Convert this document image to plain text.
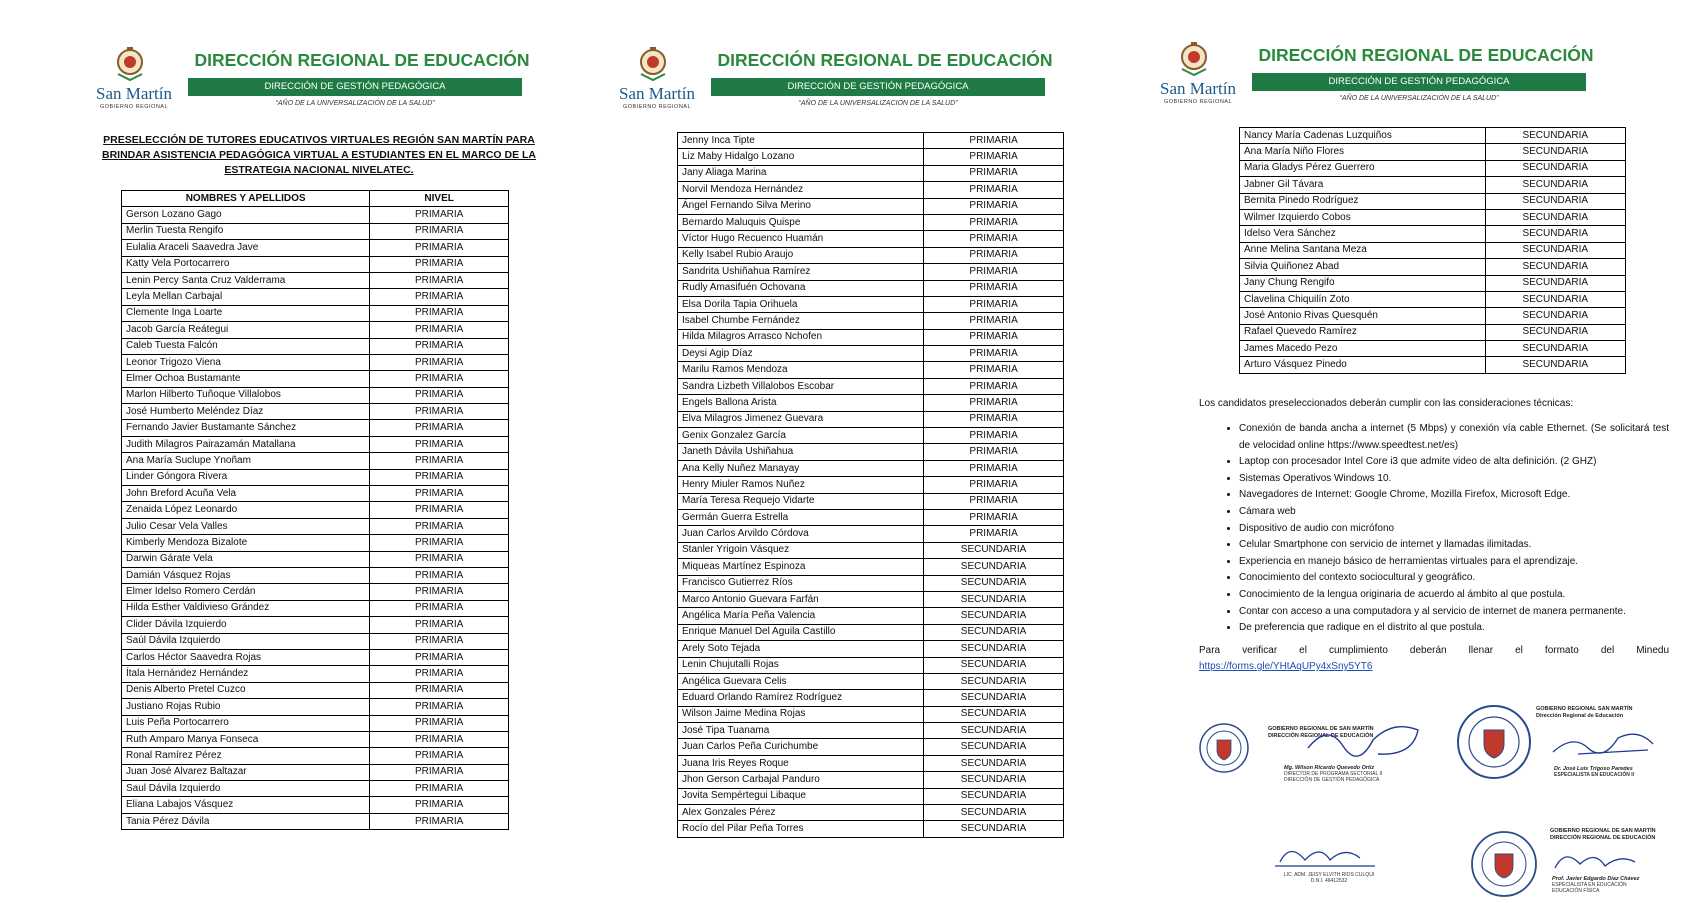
San Martín
GOBIERNO REGIONAL
DIRECCIÓN REGIONAL DE EDUCACIÓN
DIRECCIÓN DE GESTIÓN PEDAGÓGICA
“AÑO DE LA UNIVERSALIZACIÓN DE LA SALUD”
PRESELECCIÓN DE TUTORES EDUCATIVOS VIRTUALES REGIÓN SAN MARTÍN PARA BRINDAR ASISTENCIA PEDAGÓGICA VIRTUAL A ESTUDIANTES EN EL MARCO DE LA ESTRATEGIA NACIONAL NIVELATEC.
NOMBRES Y APELLIDOS	NIVEL
Gerson Lozano Gago	PRIMARIA
Merlin Tuesta Rengifo	PRIMARIA
Eulalia Araceli Saavedra Jave	PRIMARIA
Katty Vela Portocarrero	PRIMARIA
Lenin Percy Santa Cruz Valderrama	PRIMARIA
Leyla Mellan Carbajal	PRIMARIA
Clemente Inga Loarte	PRIMARIA
Jacob García Reátegui	PRIMARIA
Caleb Tuesta Falcón	PRIMARIA
Leonor Trigozo Viena	PRIMARIA
Elmer Ochoa Bustamante	PRIMARIA
Marlon Hilberto Tuñoque Villalobos	PRIMARIA
José Humberto Meléndez Díaz	PRIMARIA
Fernando Javier Bustamante Sánchez	PRIMARIA
Judith Milagros Pairazamán Matallana	PRIMARIA
Ana María Suclupe Ynoñam	PRIMARIA
Linder Góngora Rivera	PRIMARIA
John Breford Acuña Vela	PRIMARIA
Zenaida López Leonardo	PRIMARIA
Julio Cesar Vela Valles	PRIMARIA
Kimberly Mendoza Bizalote	PRIMARIA
Darwin Gárate Vela	PRIMARIA
Damián Vásquez Rojas	PRIMARIA
Elmer Idelso Romero Cerdán	PRIMARIA
Hilda Esther Valdivieso Grández	PRIMARIA
Clider Dávila Izquierdo	PRIMARIA
Saúl Dávila Izquierdo	PRIMARIA
Carlos Héctor Saavedra Rojas	PRIMARIA
Ítala Hernández Hernández	PRIMARIA
Denis Alberto Pretel Cuzco	PRIMARIA
Justiano Rojas Rubio	PRIMARIA
Luis Peña Portocarrero	PRIMARIA
Ruth Amparo Manya Fonseca	PRIMARIA
Ronal Ramírez Pérez	PRIMARIA
Juan José Alvarez Baltazar	PRIMARIA
Saul Dávila Izquierdo	PRIMARIA
Eliana Labajos Vásquez	PRIMARIA
Tania Pérez Dávila	PRIMARIA
San Martín
GOBIERNO REGIONAL
DIRECCIÓN REGIONAL DE EDUCACIÓN
DIRECCIÓN DE GESTIÓN PEDAGÓGICA
“AÑO DE LA UNIVERSALIZACIÓN DE LA SALUD”
Jenny Inca Tipte	PRIMARIA
Liz Maby Hidalgo Lozano	PRIMARIA
Jany Aliaga Marina	PRIMARIA
Norvil Mendoza Hernández	PRIMARIA
Ángel Fernando Silva Merino	PRIMARIA
Bernardo Maluquis Quispe	PRIMARIA
Víctor Hugo Recuenco Huamán	PRIMARIA
Kelly Isabel Rubio Araujo	PRIMARIA
Sandrita Ushiñahua Ramírez	PRIMARIA
Rudly Amasifuén Ochovana	PRIMARIA
Elsa Dorila Tapia Orihuela	PRIMARIA
Isabel Chumbe Fernández	PRIMARIA
Hilda Milagros Arrasco Nchofen	PRIMARIA
Deysi Agip Díaz	PRIMARIA
Marilu Ramos Mendoza	PRIMARIA
Sandra Lizbeth Villalobos Escobar	PRIMARIA
Engels Ballona Arista	PRIMARIA
Elva Milagros Jimenez Guevara	PRIMARIA
Genix Gonzalez García	PRIMARIA
Janeth Dávila Ushiñahua	PRIMARIA
Ana Kelly Nuñez Manayay	PRIMARIA
Henry Miuler Ramos Nuñez	PRIMARIA
María Teresa Requejo Vidarte	PRIMARIA
Germán Guerra Estrella	PRIMARIA
Juan Carlos Arvildo Córdova	PRIMARIA
Stanler Yrigoin Vásquez	SECUNDARIA
Miqueas Martínez Espinoza	SECUNDARIA
Francisco Gutierrez Ríos	SECUNDARIA
Marco Antonio Guevara Farfán	SECUNDARIA
Angélica María Peña Valencia	SECUNDARIA
Enrique Manuel Del Aguila Castillo	SECUNDARIA
Arely Soto Tejada	SECUNDARIA
Lenin Chujutalli Rojas	SECUNDARIA
Angélica Guevara Celis	SECUNDARIA
Eduard Orlando Ramírez Rodríguez	SECUNDARIA
Wilson Jaime Medina Rojas	SECUNDARIA
José Tipa Tuanama	SECUNDARIA
Juan Carlos Peña Curichumbe	SECUNDARIA
Juana Iris Reyes Roque	SECUNDARIA
Jhon Gerson Carbajal Panduro	SECUNDARIA
Jovita Sempértegui Libaque	SECUNDARIA
Alex Gonzales Pérez	SECUNDARIA
Rocío del Pilar Peña Torres	SECUNDARIA
San Martín
GOBIERNO REGIONAL
DIRECCIÓN REGIONAL DE EDUCACIÓN
DIRECCIÓN DE GESTIÓN PEDAGÓGICA
“AÑO DE LA UNIVERSALIZACIÓN DE LA SALUD”
Nancy María Cadenas Luzquiños	SECUNDARIA
Ana María Niño Flores	SECUNDARIA
Maria Gladys Pérez Guerrero	SECUNDARIA
Jabner Gil Távara	SECUNDARIA
Bernita Pinedo Rodríguez	SECUNDARIA
Wilmer Izquierdo Cobos	SECUNDARIA
Idelso Vera Sánchez	SECUNDARIA
Anne Melina Santana Meza	SECUNDARIA
Silvia Quiñonez Abad	SECUNDARIA
Jany Chung Rengifo	SECUNDARIA
Clavelina Chiquilín Zoto	SECUNDARIA
José Antonio Rivas Quesquén	SECUNDARIA
Rafael Quevedo Ramírez	SECUNDARIA
James Macedo Pezo	SECUNDARIA
Arturo Vásquez Pinedo	SECUNDARIA
Los candidatos preseleccionados deberán cumplir con las consideraciones técnicas:
• Conexión de banda ancha a internet (5 Mbps) y conexión vía cable Ethernet. (Se solicitará test de velocidad online https://www.speedtest.net/es)
• Laptop con procesador Intel Core i3 que admite video de alta definición. (2 GHZ)
• Sistemas Operativos Windows 10.
• Navegadores de Internet: Google Chrome, Mozilla Firefox, Microsoft Edge.
• Cámara web
• Dispositivo de audio con micrófono
• Celular Smartphone con servicio de internet y llamadas ilimitadas.
• Experiencia en manejo básico de herramientas virtuales para el aprendizaje.
• Conocimiento del contexto sociocultural y geográfico.
• Conocimiento de la lengua originaria de acuerdo al ámbito al que postula.
• Contar con acceso a una computadora y al servicio de internet de manera permanente.
• De preferencia que radique en el distrito al que postula.
Para verificar el cumplimiento deberán llenar el formato del Minedu
https://forms.gle/YHtAqUPy4xSny5YT6
GOBIERNO REGIONAL DE SAN MARTÍN
DIRECCIÓN REGIONAL DE EDUCACIÓN
Mg. Wilson Ricardo Quevedo Ortiz
DIRECTOR DE PROGRAMA SECTORIAL II
DIRECCIÓN DE GESTIÓN PEDAGÓGICA
GOBIERNO REGIONAL SAN MARTÍN
Dirección Regional de Educación
Dr. José Luis Trigoso Paredes
ESPECIALISTA EN EDUCACIÓN II
LIC. ADM. JEISY ELVITH RIOS CULQUI
D.N.I. 46412532
GOBIERNO REGIONAL DE SAN MARTÍN
DIRECCIÓN REGIONAL DE EDUCACIÓN
Prof. Javier Edgardo Díaz Chávez
ESPECIALISTA EN EDUCACIÓN
EDUCACIÓN FÍSICA
